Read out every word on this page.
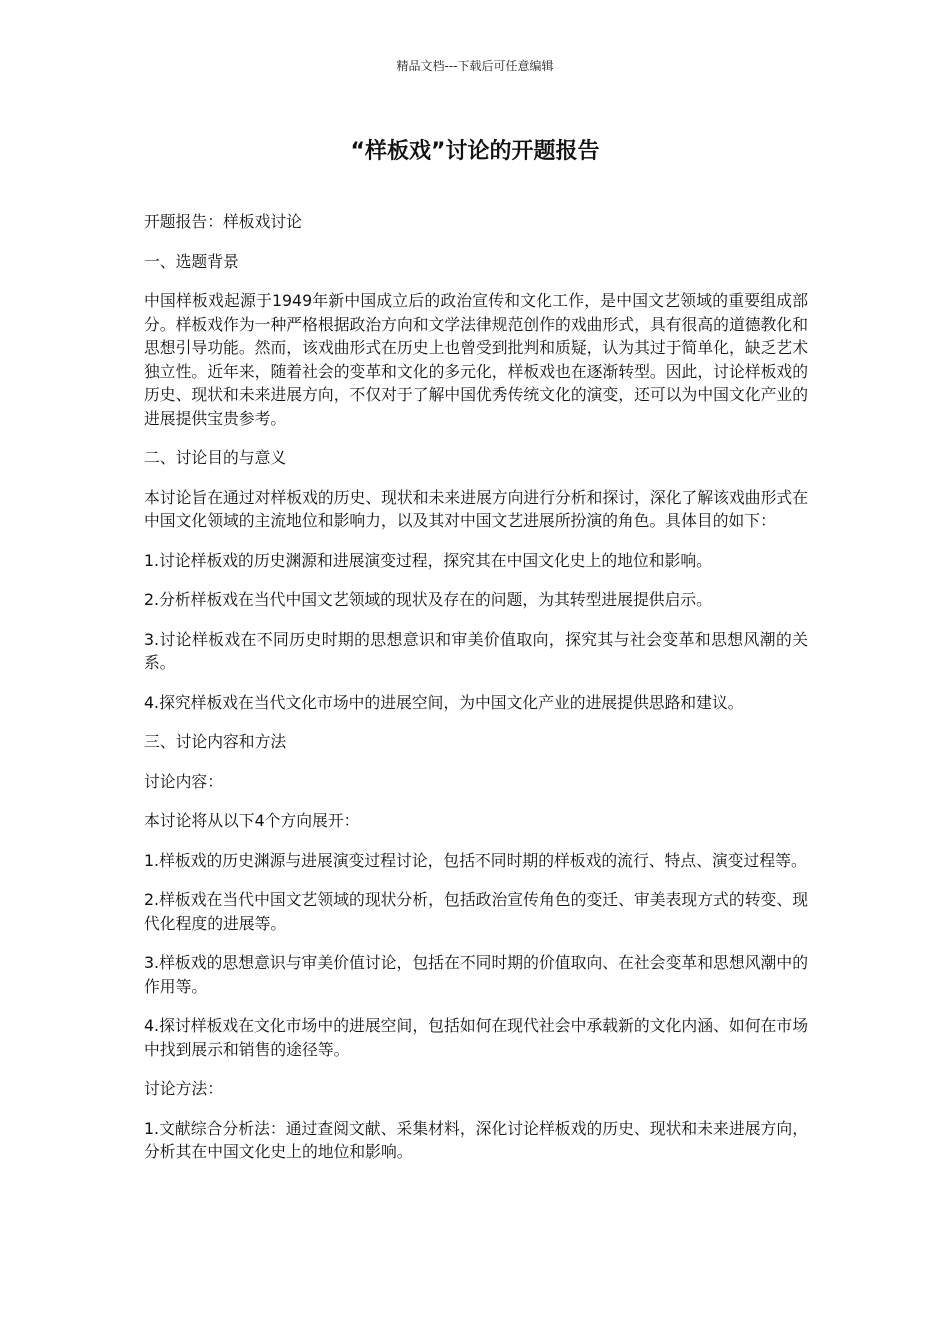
精品文档---下载后可任意编辑
“样板戏”讨论的开题报告

开题报告：样板戏讨论

一、选题背景

中国样板戏起源于1949年新中国成立后的政治宣传和文化工作，是中国文艺领域的重要组成部分。样板戏作为一种严格根据政治方向和文学法律规范创作的戏曲形式，具有很高的道德教化和思想引导功能。然而，该戏曲形式在历史上也曾受到批判和质疑，认为其过于简单化，缺乏艺术独立性。近年来，随着社会的变革和文化的多元化，样板戏也在逐渐转型。因此，讨论样板戏的历史、现状和未来进展方向，不仅对于了解中国优秀传统文化的演变，还可以为中国文化产业的进展提供宝贵参考。

二、讨论目的与意义

本讨论旨在通过对样板戏的历史、现状和未来进展方向进行分析和探讨，深化了解该戏曲形式在中国文化领域的主流地位和影响力，以及其对中国文艺进展所扮演的角色。具体目的如下：

1.讨论样板戏的历史渊源和进展演变过程，探究其在中国文化史上的地位和影响。

2.分析样板戏在当代中国文艺领域的现状及存在的问题，为其转型进展提供启示。

3.讨论样板戏在不同历史时期的思想意识和审美价值取向，探究其与社会变革和思想风潮的关系。

4.探究样板戏在当代文化市场中的进展空间，为中国文化产业的进展提供思路和建议。

三、讨论内容和方法

讨论内容：

本讨论将从以下4个方向展开：

1.样板戏的历史渊源与进展演变过程讨论，包括不同时期的样板戏的流行、特点、演变过程等。

2.样板戏在当代中国文艺领域的现状分析，包括政治宣传角色的变迁、审美表现方式的转变、现代化程度的进展等。

3.样板戏的思想意识与审美价值讨论，包括在不同时期的价值取向、在社会变革和思想风潮中的作用等。

4.探讨样板戏在文化市场中的进展空间，包括如何在现代社会中承载新的文化内涵、如何在市场中找到展示和销售的途径等。

讨论方法：

1.文献综合分析法：通过查阅文献、采集材料，深化讨论样板戏的历史、现状和未来进展方向，分析其在中国文化史上的地位和影响。
